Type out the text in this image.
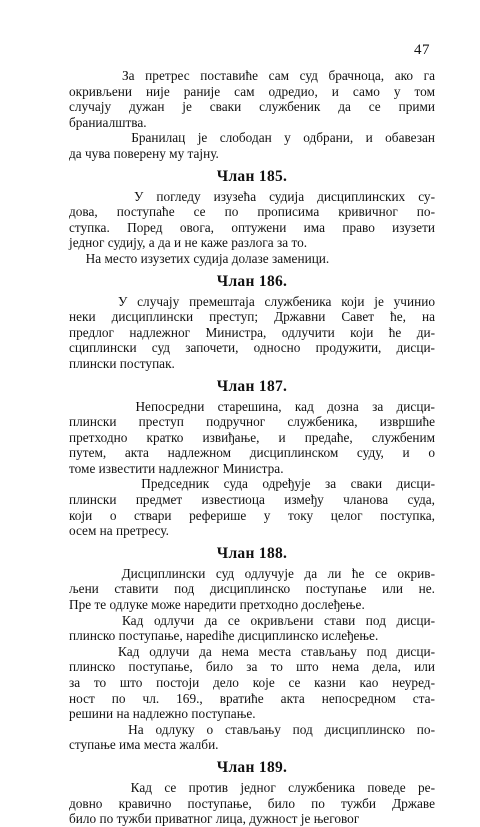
47
За претрес поставиће сам суд брачноца, ако га
окривљени није раније сам одредио, и само у том
случају дужан је сваки службеник да се прими
браниалштва.
Бранилац је слободан у одбрани, и обавезан
да чува поверену му тајну.
Члан 185.
У погледу изузећа судија дисциплинских су-
дова, поступаће се по прописима кривичног по-
ступка. Поред овога, оптужени има право изузети
једног судију, а да и не каже разлога за то.
На место изузетих судија долазе заменици.
Члан 186.
У случају премештаја службеника који је учинио
неки дисциплински преступ; Државни Савет ће, на
предлог надлежног Министра, одлучити који ће ди-
сциплински суд започети, односно продужити, дисци-
плински поступак.
Члан 187.
Непосредни старешина, кад дозна за дисци-
плински преступ подручног службеника, извршиће
претходно кратко извиђање, и предаће, службеним
путем, акта надлежном дисциплинском суду, и о
томе известити надлежног Министра.
Председник суда одређује за сваки дисци-
плински предмет известиоца између чланова суда,
који о ствари реферише у току целог поступка,
осем на претресу.
Члан 188.
Дисциплински суд одлучује да ли ће се окрив-
љени ставити под дисциплинско поступање или не.
Пре те одлуке може наредити претходно дослеђење.
Кад одлучи да се окривљени стави под дисци-
плинско поступање, нарediће дисциплинско ислеђење.
Кад одлучи да нема места стављању под дисци-
плинско поступање, било за то што нема дела, или
за то што постоји дело које се казни као неуред-
ност по чл. 169., вратиће акта непосредном ста-
решини на надлежно поступање.
На одлуку о стављању под дисциплинско по-
ступање има места жалби.
Члан 189.
Кад се против једног службеника поведе ре-
довно кравично поступање, било по тужби Државе
било по тужби приватног лица, дужност је његовог
